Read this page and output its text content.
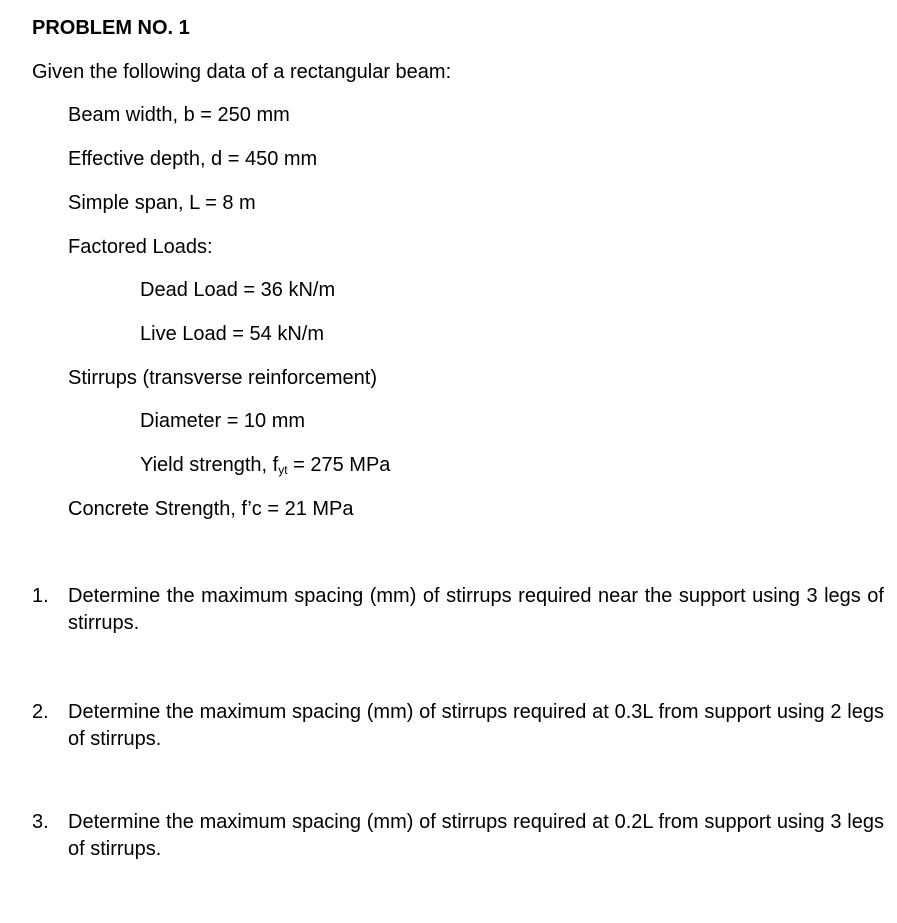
PROBLEM NO. 1
Given the following data of a rectangular beam:
Beam width, b = 250 mm
Effective depth, d = 450 mm
Simple span, L = 8 m
Factored Loads:
Dead Load = 36 kN/m
Live Load = 54 kN/m
Stirrups (transverse reinforcement)
Diameter = 10 mm
Yield strength, $f_{yt} = 275$ MPa
Concrete Strength, f’c = 21 MPa
1. Determine the maximum spacing (mm) of stirrups required near the support using 3 legs of stirrups.
2. Determine the maximum spacing (mm) of stirrups required at 0.3L from support using 2 legs of stirrups.
3. Determine the maximum spacing (mm) of stirrups required at 0.2L from support using 3 legs of stirrups.
